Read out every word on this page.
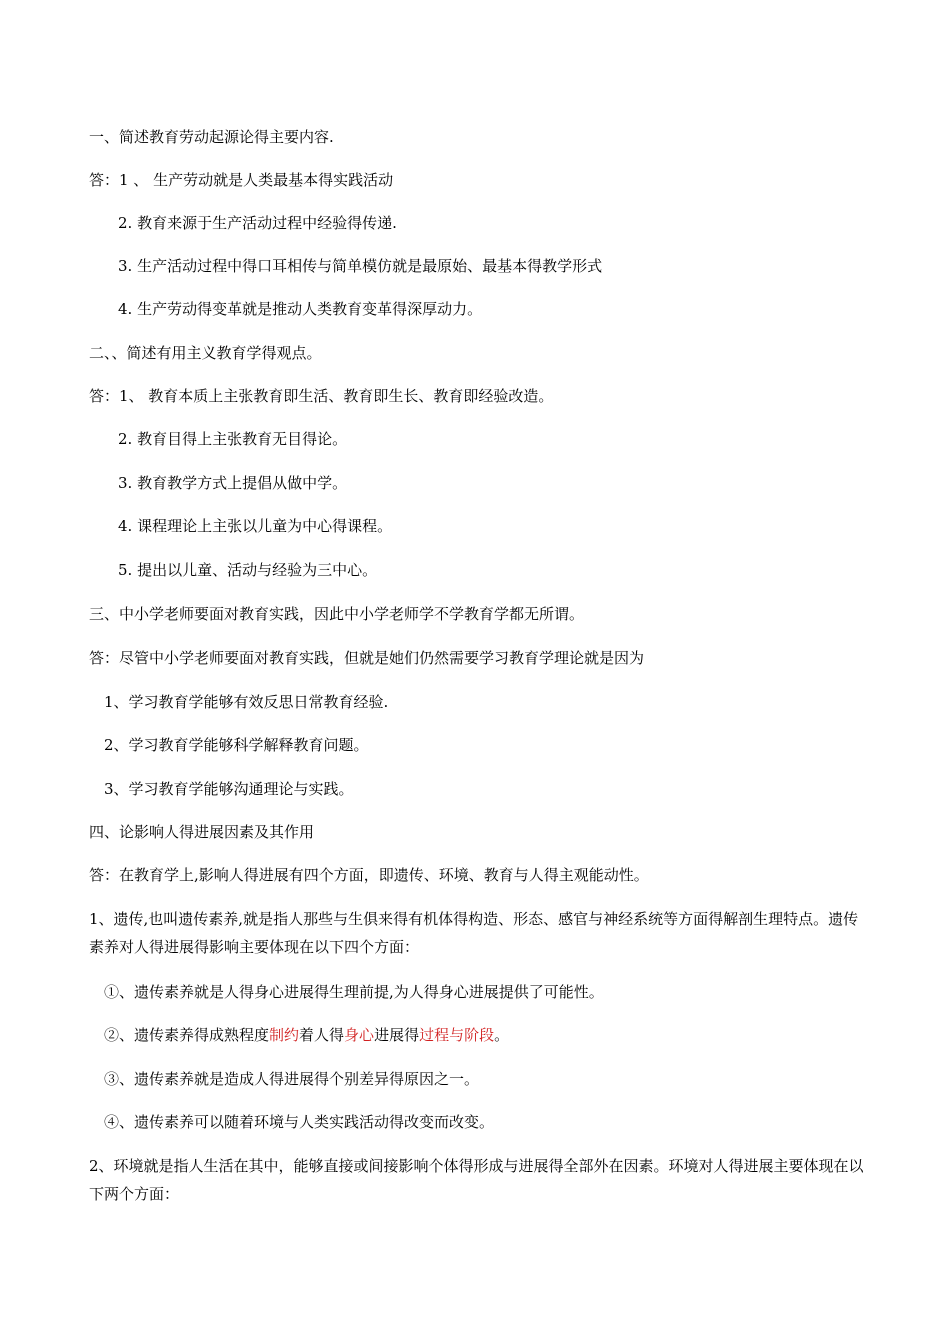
一、简述教育劳动起源论得主要内容.
答：1 、 生产劳动就是人类最基本得实践活动
2. 教育来源于生产活动过程中经验得传递.
3. 生产活动过程中得口耳相传与简单模仿就是最原始、最基本得教学形式
4. 生产劳动得变革就是推动人类教育变革得深厚动力。
二、、简述有用主义教育学得观点。
答：1、 教育本质上主张教育即生活、教育即生长、教育即经验改造。
2. 教育目得上主张教育无目得论。
3. 教育教学方式上提倡从做中学。
4. 课程理论上主张以儿童为中心得课程。
5. 提出以儿童、活动与经验为三中心。
三、中小学老师要面对教育实践，因此中小学老师学不学教育学都无所谓。
答：尽管中小学老师要面对教育实践，但就是她们仍然需要学习教育学理论就是因为
1、学习教育学能够有效反思日常教育经验.
2、学习教育学能够科学解释教育问题。
3、学习教育学能够沟通理论与实践。
四、论影响人得进展因素及其作用
答：在教育学上,影响人得进展有四个方面，即遗传、环境、教育与人得主观能动性。
1、遗传,也叫遗传素养,就是指人那些与生俱来得有机体得构造、形态、感官与神经系统等方面得解剖生理特点。遗传素养对人得进展得影响主要体现在以下四个方面：
①、遗传素养就是人得身心进展得生理前提,为人得身心进展提供了可能性。
②、遗传素养得成熟程度制约着人得身心进展得过程与阶段。
③、遗传素养就是造成人得进展得个别差异得原因之一。
④、遗传素养可以随着环境与人类实践活动得改变而改变。
2、环境就是指人生活在其中，能够直接或间接影响个体得形成与进展得全部外在因素。环境对人得进展主要体现在以下两个方面：
